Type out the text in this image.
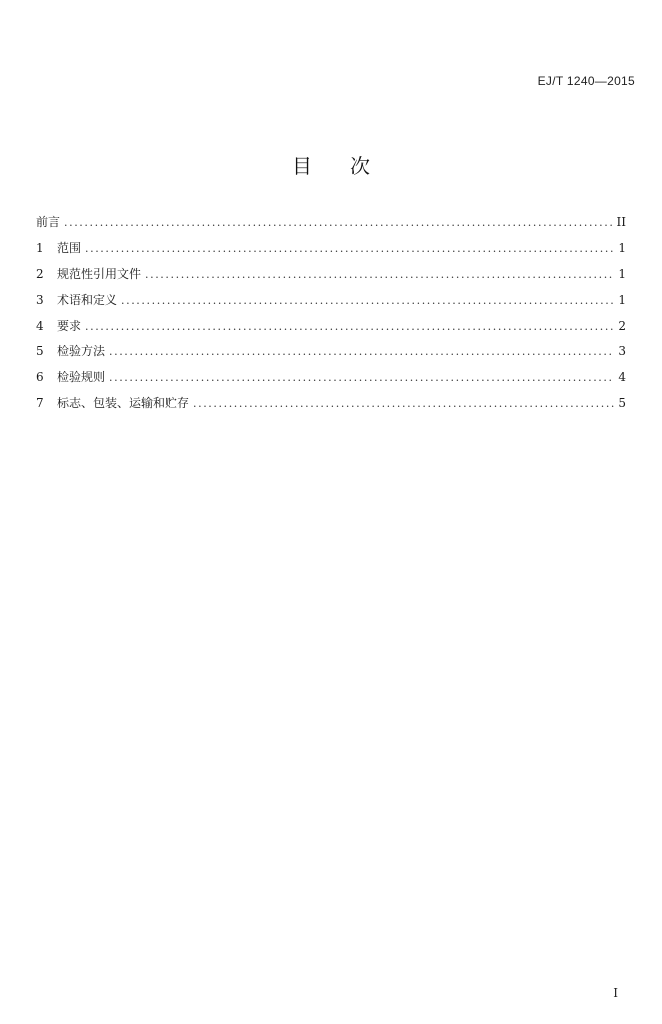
EJ/T 1240—2015
目 次
前言 .....	II
1	范围 .....	1
2	规范性引用文件 .....	1
3	术语和定义 .....	1
4	要求 .....	2
5	检验方法 .....	3
6	检验规则 .....	4
7	标志、包装、运输和贮存 .....	5
I
